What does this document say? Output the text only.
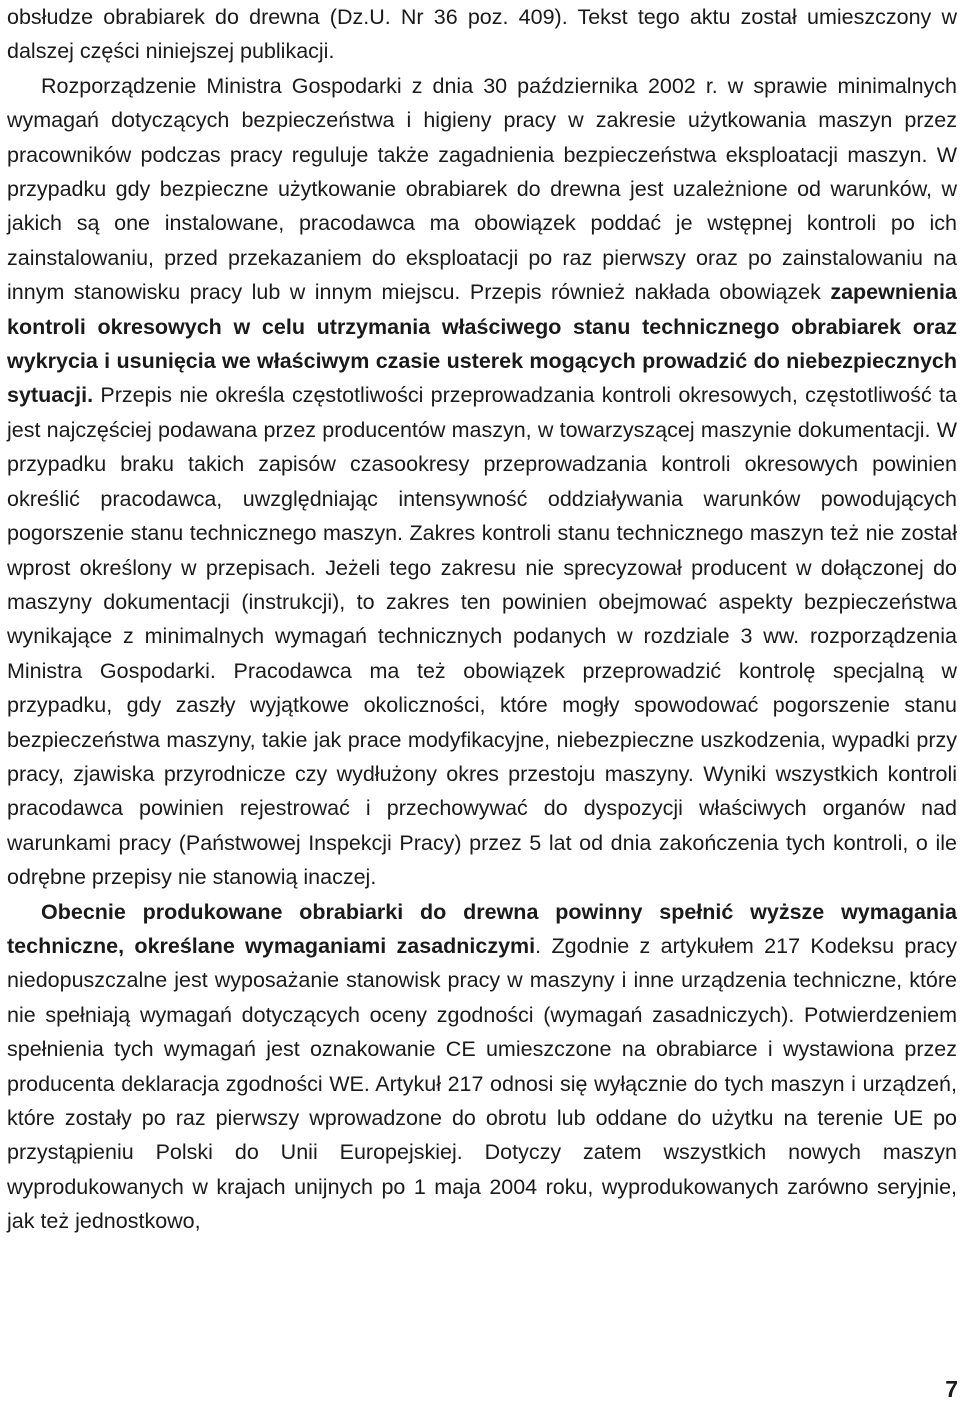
obsłudze obrabiarek do drewna (Dz.U. Nr 36 poz. 409). Tekst tego aktu został umieszczony w dalszej części niniejszej publikacji.

Rozporządzenie Ministra Gospodarki z dnia 30 października 2002 r. w sprawie minimalnych wymagań dotyczących bezpieczeństwa i higieny pracy w zakresie użytkowania maszyn przez pracowników podczas pracy reguluje także zagadnienia bezpieczeństwa eksploatacji maszyn. W przypadku gdy bezpieczne użytkowanie obrabiarek do drewna jest uzależnione od warunków, w jakich są one instalowane, pracodawca ma obowiązek poddać je wstępnej kontroli po ich zainstalowaniu, przed przekazaniem do eksploatacji po raz pierwszy oraz po zainstalowaniu na innym stanowisku pracy lub w innym miejscu. Przepis również nakłada obowiązek zapewnienia kontroli okresowych w celu utrzymania właściwego stanu technicznego obrabiarek oraz wykrycia i usunięcia we właściwym czasie usterek mogących prowadzić do niebezpiecznych sytuacji. Przepis nie określa częstotliwości przeprowadzania kontroli okresowych, częstotliwość ta jest najczęściej podawana przez producentów maszyn, w towarzyszącej maszynie dokumentacji. W przypadku braku takich zapisów czasookresy przeprowadzania kontroli okresowych powinien określić pracodawca, uwzględniając intensywność oddziaływania warunków powodujących pogorszenie stanu technicznego maszyn. Zakres kontroli stanu technicznego maszyn też nie został wprost określony w przepisach. Jeżeli tego zakresu nie sprecyzował producent w dołączonej do maszyny dokumentacji (instrukcji), to zakres ten powinien obejmować aspekty bezpieczeństwa wynikające z minimalnych wymagań technicznych podanych w rozdziale 3 ww. rozporządzenia Ministra Gospodarki. Pracodawca ma też obowiązek przeprowadzić kontrolę specjalną w przypadku, gdy zaszły wyjątkowe okoliczności, które mogły spowodować pogorszenie stanu bezpieczeństwa maszyny, takie jak prace modyfikacyjne, niebezpieczne uszkodzenia, wypadki przy pracy, zjawiska przyrodnicze czy wydłużony okres przestoju maszyny. Wyniki wszystkich kontroli pracodawca powinien rejestrować i przechowywać do dyspozycji właściwych organów nad warunkami pracy (Państwowej Inspekcji Pracy) przez 5 lat od dnia zakończenia tych kontroli, o ile odrębne przepisy nie stanowią inaczej.

Obecnie produkowane obrabiarki do drewna powinny spełnić wyższe wymagania techniczne, określane wymaganiami zasadniczymi. Zgodnie z artykułem 217 Kodeksu pracy niedopuszczalne jest wyposażanie stanowisk pracy w maszyny i inne urządzenia techniczne, które nie spełniają wymagań dotyczących oceny zgodności (wymagań zasadniczych). Potwierdzeniem spełnienia tych wymagań jest oznakowanie CE umieszczone na obrabiarce i wystawiona przez producenta deklaracja zgodności WE. Artykuł 217 odnosi się wyłącznie do tych maszyn i urządzeń, które zostały po raz pierwszy wprowadzone do obrotu lub oddane do użytku na terenie UE po przystąpieniu Polski do Unii Europejskiej. Dotyczy zatem wszystkich nowych maszyn wyprodukowanych w krajach unijnych po 1 maja 2004 roku, wyprodukowanych zarówno seryjnie, jak też jednostkowo,

7
